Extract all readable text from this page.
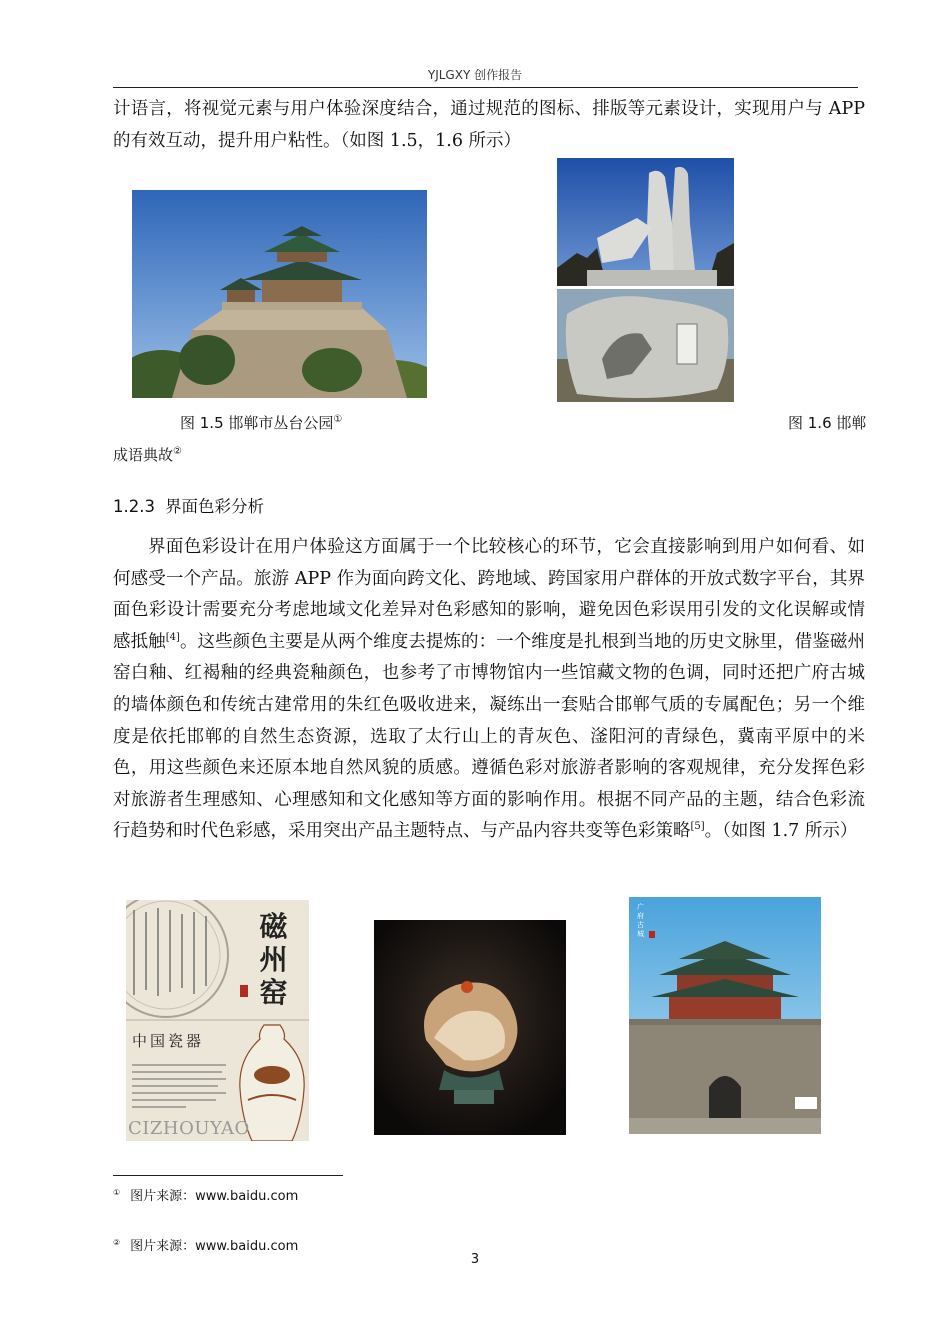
YJLGXY 创作报告

计语言，将视觉元素与用户体验深度结合，通过规范的图标、排版等元素设计，实现用户与 APP 的有效互动，提升用户粘性。（如图 1.5，1.6 所示）

图 1.5 邯郸市丛台公园①	图 1.6 邯郸
成语典故②
1.2.3 界面色彩分析

界面色彩设计在用户体验这方面属于一个比较核心的环节，它会直接影响到用户如何看、如何感受一个产品。旅游 APP 作为面向跨文化、跨地域、跨国家用户群体的开放式数字平台，其界面色彩设计需要充分考虑地域文化差异对色彩感知的影响，避免因色彩误用引发的文化误解或情感抵触[4]。这些颜色主要是从两个维度去提炼的：一个维度是扎根到当地的历史文脉里，借鉴磁州窑白釉、红褐釉的经典瓷釉颜色，也参考了市博物馆内一些馆藏文物的色调，同时还把广府古城的墙体颜色和传统古建常用的朱红色吸收进来，凝练出一套贴合邯郸气质的专属配色；另一个维度是依托邯郸的自然生态资源，选取了太行山上的青灰色、滏阳河的青绿色，冀南平原中的米色，用这些颜色来还原本地自然风貌的质感。遵循色彩对旅游者影响的客观规律，充分发挥色彩对旅游者生理感知、心理感知和文化感知等方面的影响作用。根据不同产品的主题，结合色彩流行趋势和时代色彩感，采用突出产品主题特点、与产品内容共变等色彩策略[5]。（如图 1.7 所示）

磁
州
窑
中国瓷器
CIZHOUYAO
广府古城
① 图片来源：www.baidu.com
② 图片来源：www.baidu.com
3
